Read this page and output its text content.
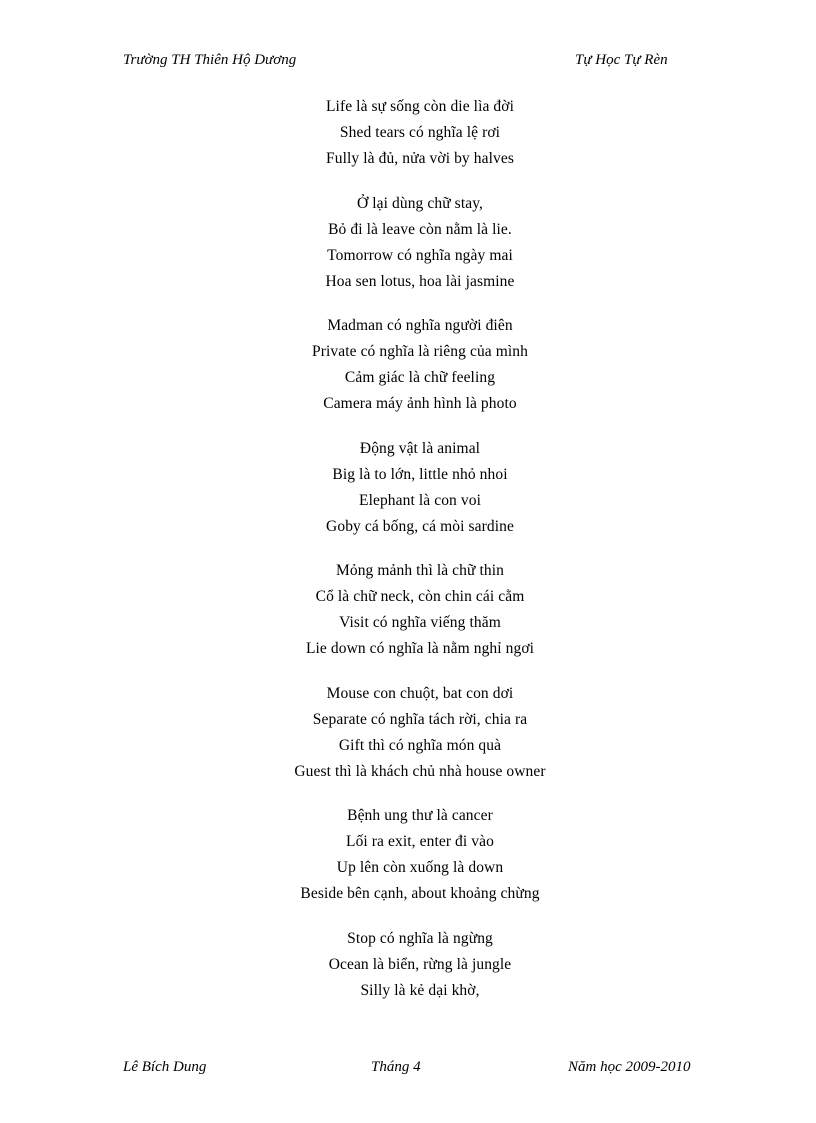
Trường TH Thiên Hộ Dương	Tự Học Tự Rèn
Life là sự sống còn die lìa đời
Shed tears có nghĩa lệ rơi
Fully là đủ, nửa vời by halves
Ở lại dùng chữ stay,
Bỏ đi là leave còn nằm là lie.
Tomorrow có nghĩa ngày mai
Hoa sen lotus, hoa lài jasmine
Madman có nghĩa người điên
Private có nghĩa là riêng của mình
Cảm giác là chữ feeling
Camera máy ảnh hình là photo
Động vật là animal
Big là to lớn, little nhỏ nhoi
Elephant là con voi
Goby cá bống, cá mòi sardine
Mỏng mảnh thì là chữ thin
Cổ là chữ neck, còn chin cái cằm
Visit có nghĩa viếng thăm
Lie down có nghĩa là nằm nghỉ ngơi
Mouse con chuột, bat con dơi
Separate có nghĩa tách rời, chia ra
Gift thì có nghĩa món quà
Guest thì là khách chủ nhà house owner
Bệnh ung thư là cancer
Lối ra exit, enter đi vào
Up lên còn xuống là down
Beside bên cạnh, about khoảng chừng
Stop có nghĩa là ngừng
Ocean là biển, rừng là jungle
Silly là kẻ dại khờ,
Lê Bích Dung	Tháng 4	Năm học 2009-2010
